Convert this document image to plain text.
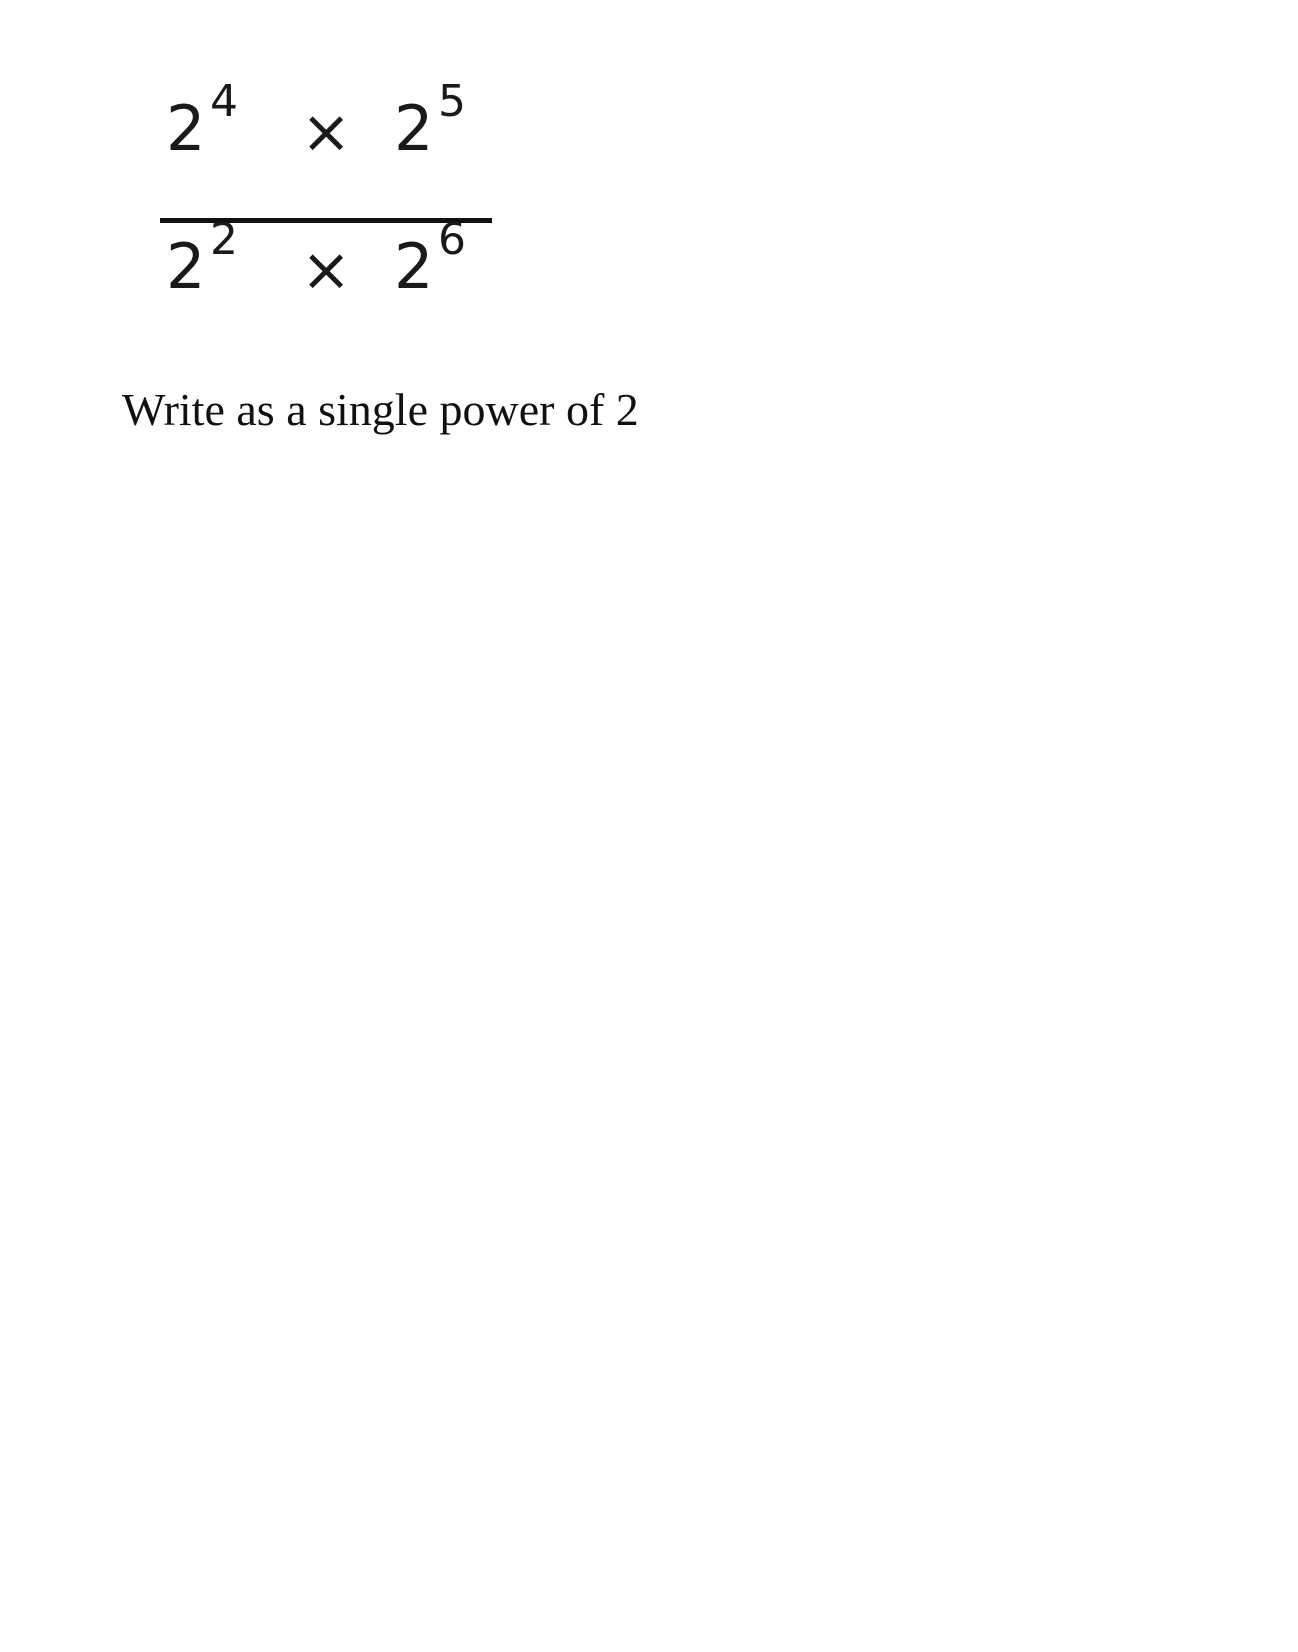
2 4 × 2 5
2 2 × 2 6
Write as a single power of 2
